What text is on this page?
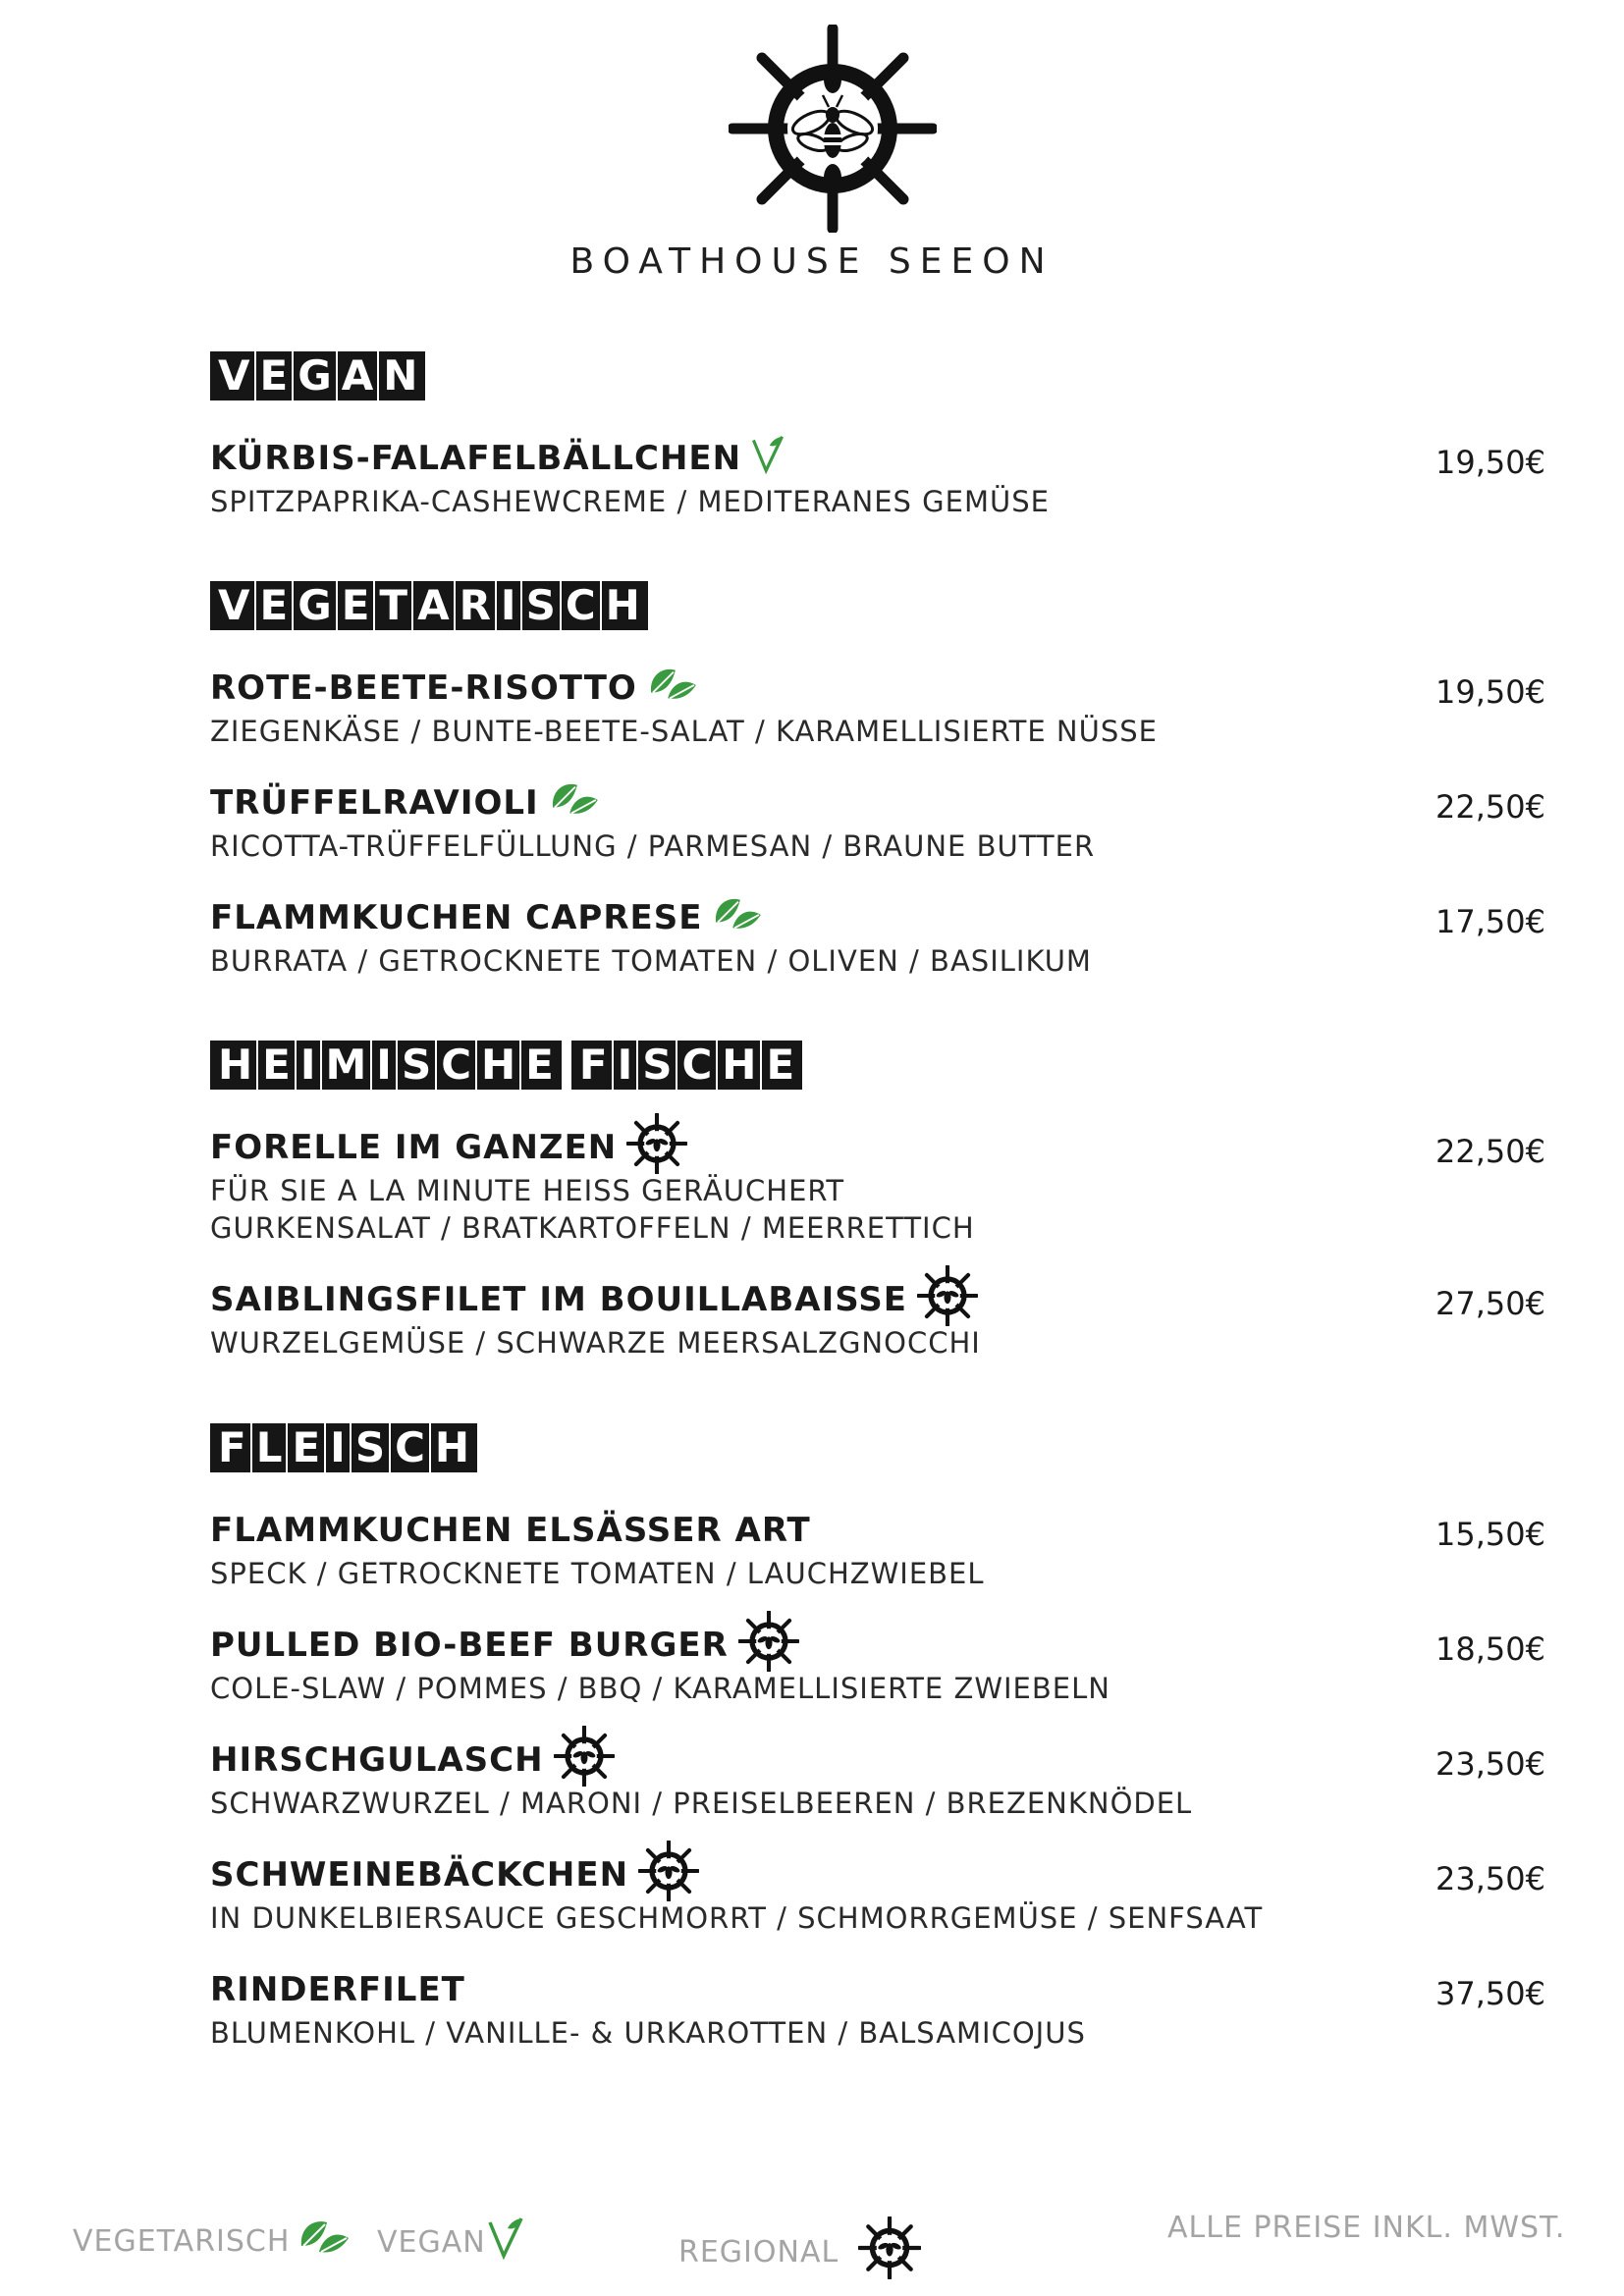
BOATHOUSE SEEON
V E G A N
KÜRBIS-FALAFELBÄLLCHEN
SPITZPAPRIKA-CASHEWCREME / MEDITERANES GEMÜSE
19,50€
V E G E T A R I S C H
ROTE-BEETE-RISOTTO
ZIEGENKÄSE / BUNTE-BEETE-SALAT / KARAMELLISIERTE NÜSSE
19,50€
TRÜFFELRAVIOLI
RICOTTA-TRÜFFELFÜLLUNG / PARMESAN / BRAUNE BUTTER
22,50€
FLAMMKUCHEN CAPRESE
BURRATA / GETROCKNETE TOMATEN / OLIVEN / BASILIKUM
17,50€
H E I M I S C H E F I S C H E
FORELLE IM GANZEN
FÜR SIE A LA MINUTE HEISS GERÄUCHERT
GURKENSALAT / BRATKARTOFFELN / MEERRETTICH
22,50€
SAIBLINGSFILET IM BOUILLABAISSE
WURZELGEMÜSE / SCHWARZE MEERSALZGNOCCHI
27,50€
F L E I S C H
FLAMMKUCHEN ELSÄSSER ART
SPECK / GETROCKNETE TOMATEN / LAUCHZWIEBEL
15,50€
PULLED BIO-BEEF BURGER
COLE-SLAW / POMMES / BBQ / KARAMELLISIERTE ZWIEBELN
18,50€
HIRSCHGULASCH
SCHWARZWURZEL / MARONI / PREISELBEEREN / BREZENKNÖDEL
23,50€
SCHWEINEBÄCKCHEN
IN DUNKELBIERSAUCE GESCHMORRT / SCHMORRGEMÜSE / SENFSAAT
23,50€
RINDERFILET
BLUMENKOHL / VANILLE- & URKAROTTEN / BALSAMICOJUS
37,50€
VEGETARISCH	VEGAN	REGIONAL
ALLE PREISE INKL. MWST.
